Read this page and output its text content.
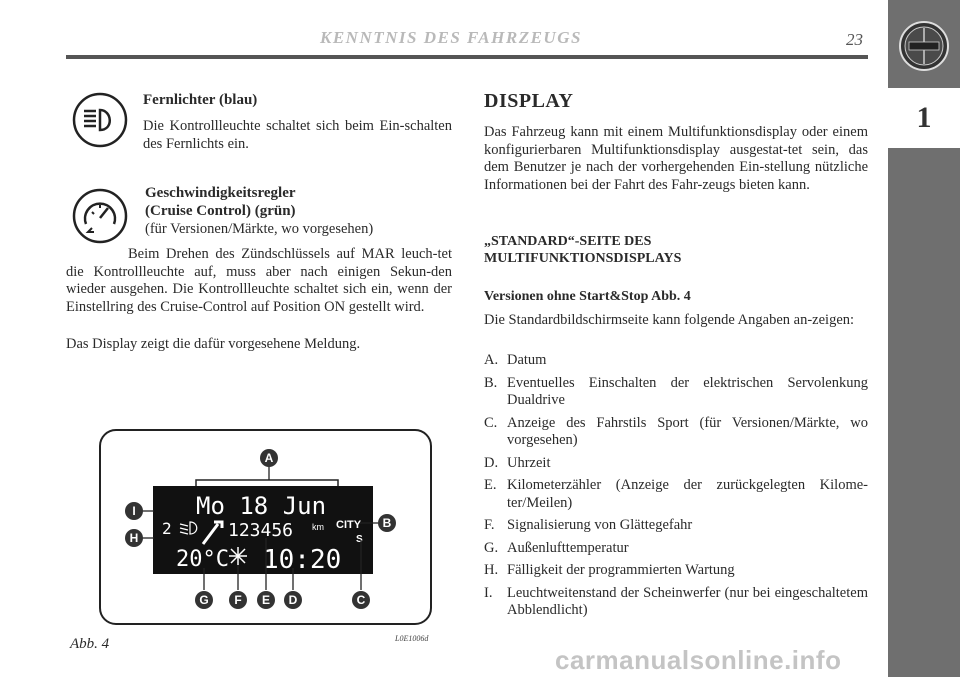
KENNTNIS DES FAHRZEUGS	23
1
Fernlichter (blau)
Die Kontrollleuchte schaltet sich beim Ein-schalten des Fernlichts ein.
Geschwindigkeitsregler
(Cruise Control) (grün)
(für Versionen/Märkte, wo vorgesehen)
Beim Drehen des Zündschlüssels auf MAR leuch-tet die Kontrollleuchte auf, muss aber nach einigen Sekun-den wieder ausgehen. Die Kontrollleuchte schaltet sich ein, wenn der Einstellring des Cruise-Control auf Position ON gestellt wird.
Das Display zeigt die dafür vorgesehene Meldung.
Mo 18 Jun
2	123456 km CITY
S
20°C 10:20
A
B
C
D
E
F
G
H
I
Abb. 4	L0E1006d
DISPLAY
Das Fahrzeug kann mit einem Multifunktionsdisplay oder einem konfigurierbaren Multifunktionsdisplay ausgestat-tet sein, das dem Benutzer je nach der vorhergehenden Ein-stellung nützliche Informationen bei der Fahrt des Fahr-zeugs bieten kann.
„STANDARD“-SEITE DES
MULTIFUNKTIONSDISPLAYS
Versionen ohne Start&Stop Abb. 4
Die Standardbildschirmseite kann folgende Angaben an-zeigen:
A. Datum
B. Eventuelles Einschalten der elektrischen Servolenkung Dualdrive
C. Anzeige des Fahrstils Sport (für Versionen/Märkte, wo vorgesehen)
D. Uhrzeit
E. Kilometerzähler (Anzeige der zurückgelegten Kilome-ter/Meilen)
F. Signalisierung von Glättegefahr
G. Außenlufttemperatur
H. Fälligkeit der programmierten Wartung
I.	Leuchtweitenstand der Scheinwerfer (nur bei eingeschaltetem Abblendlicht)
carmanualsonline.info
